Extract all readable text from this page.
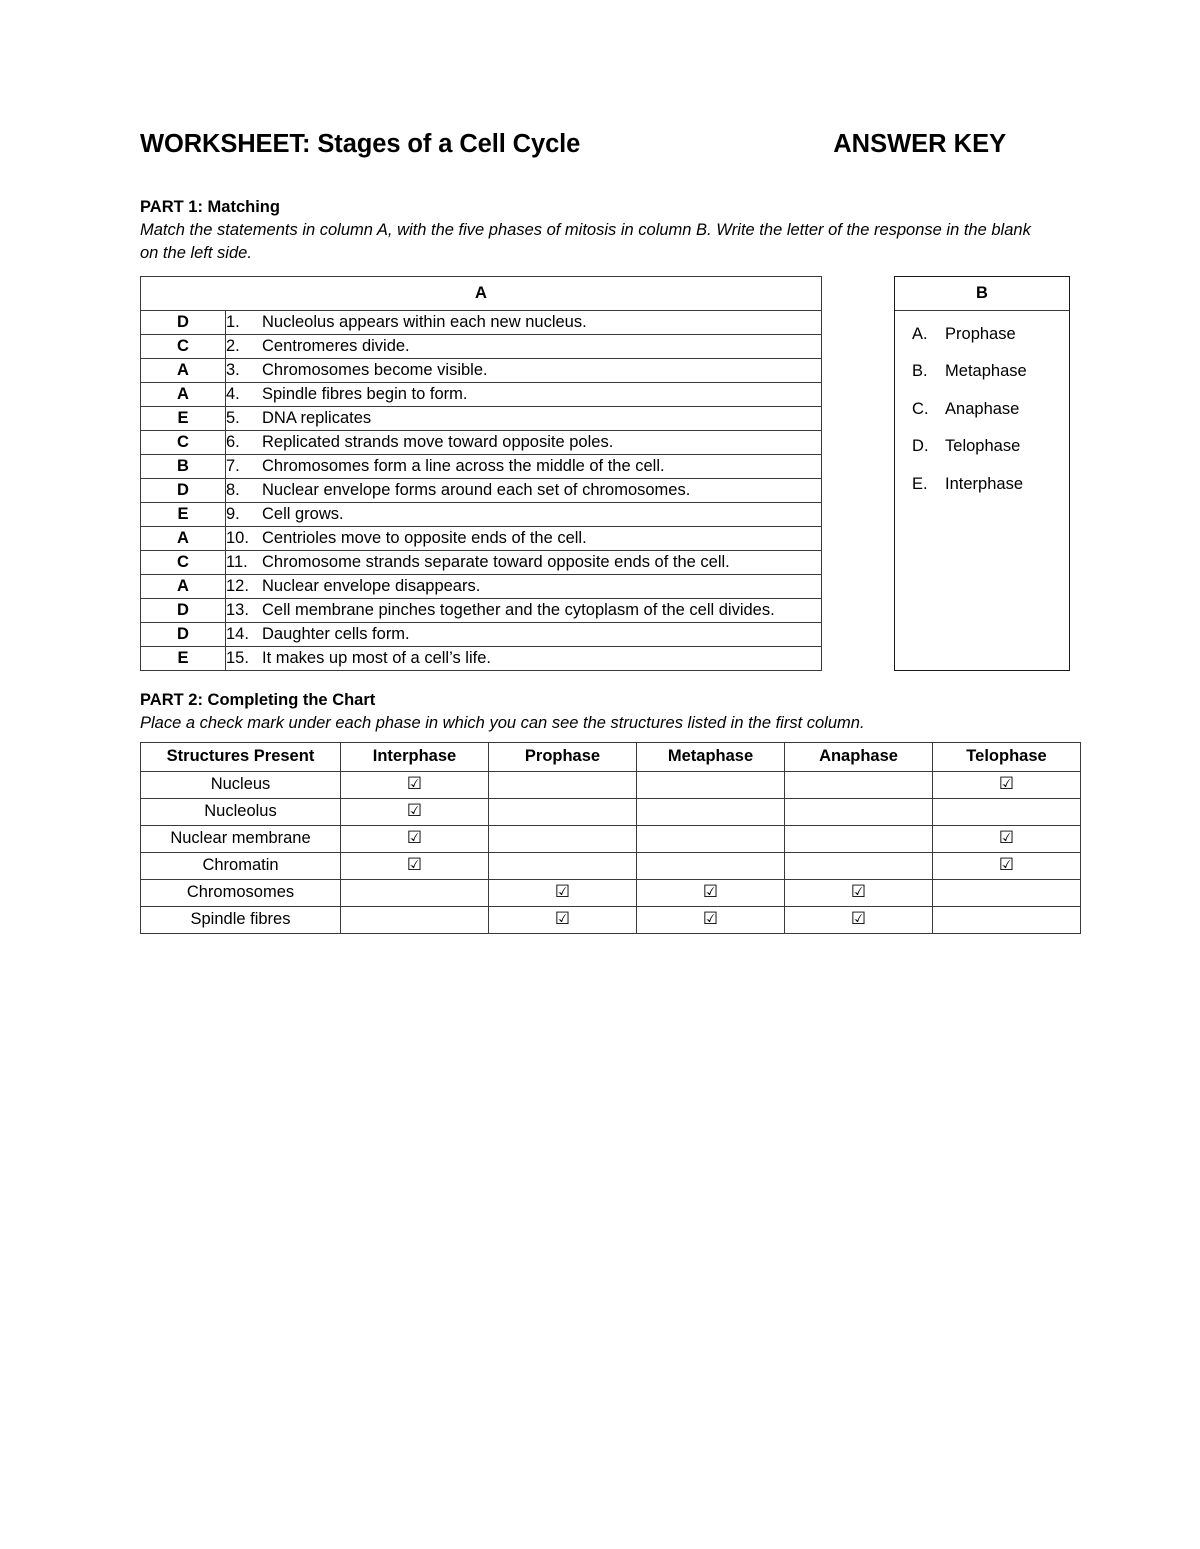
WORKSHEET: Stages of a Cell Cycle	ANSWER KEY
PART 1: Matching
Match the statements in column A, with the five phases of mitosis in column B. Write the letter of the response in the blank on the left side.
A	
D	1. Nucleolus appears within each new nucleus.

C	2. Centromeres divide.

A	3. Chromosomes become visible.

A	4. Spindle fibres begin to form.

E	5. DNA replicates

C	6. Replicated strands move toward opposite poles.

B	7. Chromosomes form a line across the middle of the cell.

D	8. Nuclear envelope forms around each set of chromosomes.

E	9. Cell grows.

A	10. Centrioles move to opposite ends of the cell.

C	11. Chromosome strands separate toward opposite ends of the cell.

A	12. Nuclear envelope disappears.

D	13. Cell membrane pinches together and the cytoplasm of the cell divides.

D	14. Daughter cells form.

E	15. It makes up most of a cell’s life.
B
A.	Prophase
B.	Metaphase
C.	Anaphase
D.	Telophase
E.	Interphase
PART 2: Completing the Chart
Place a check mark under each phase in which you can see the structures listed in the first column.
Structures Present	Interphase	Prophase	Metaphase	Anaphase	Telophase
Nucleus	☑				☑
Nucleolus	☑				
Nuclear membrane	☑				☑
Chromatin	☑				☑
Chromosomes		☑	☑	☑	
Spindle fibres		☑	☑	☑	
